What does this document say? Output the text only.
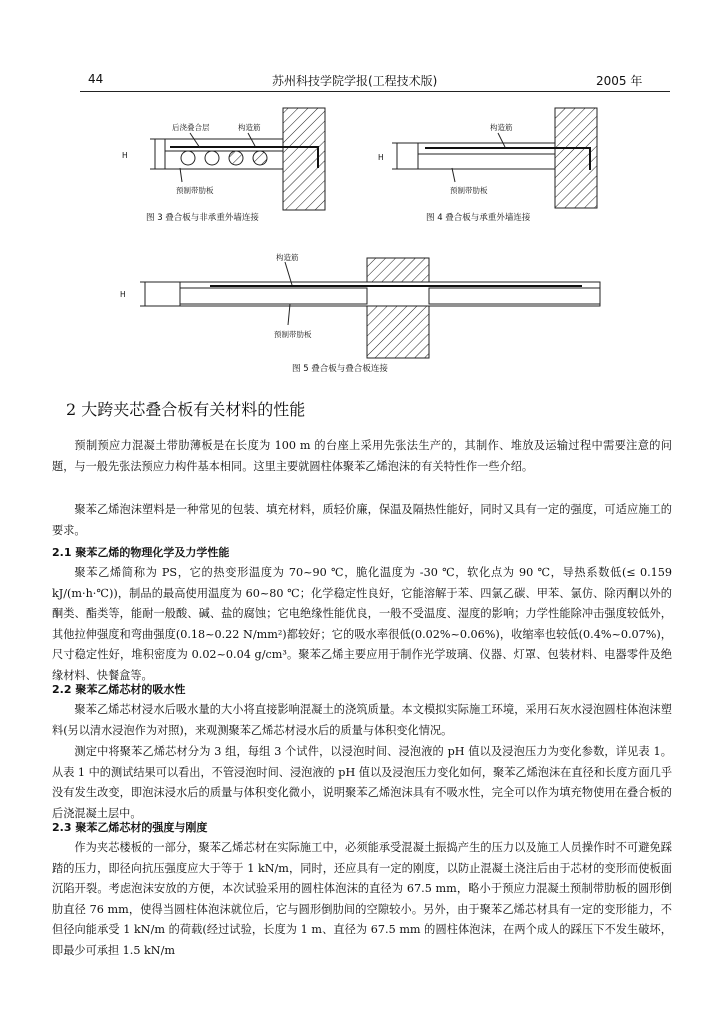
44	苏州科技学院学报(工程技术版)	2005 年
H
后浇叠合层	构造筋
预制带肋板
H
构造筋
预制带肋板
H
构造筋
预制带肋板
图 3 叠合板与非承重外墙连接	图 4 叠合板与承重外墙连接
图 5 叠合板与叠合板连接
2 大跨夹芯叠合板有关材料的性能
预制预应力混凝土带肋薄板是在长度为 100 m 的台座上采用先张法生产的，其制作、堆放及运输过程中需要注意的问题，与一般先张法预应力构件基本相同。这里主要就圆柱体聚苯乙烯泡沫的有关特性作一些介绍。
聚苯乙烯泡沫塑料是一种常见的包装、填充材料，质轻价廉，保温及隔热性能好，同时又具有一定的强度，可适应施工的要求。
2.1 聚苯乙烯的物理化学及力学性能
聚苯乙烯简称为 PS，它的热变形温度为 70~90 ℃，脆化温度为 -30 ℃，软化点为 90 ℃，导热系数低(≤ 0.159 kJ/(m·h·℃))，制品的最高使用温度为 60~80 ℃；化学稳定性良好，它能溶解于苯、四氯乙碳、甲苯、氯仿、除丙酮以外的酮类、酯类等，能耐一般酸、碱、盐的腐蚀；它电绝缘性能优良，一般不受温度、湿度的影响；力学性能除冲击强度较低外，其他拉伸强度和弯曲强度(0.18~0.22 N/mm²)都较好；它的吸水率很低(0.02%~0.06%)，收缩率也较低(0.4%~0.07%)，尺寸稳定性好，堆积密度为 0.02~0.04 g/cm³。聚苯乙烯主要应用于制作光学玻璃、仪器、灯罩、包装材料、电器零件及绝缘材料、快餐盒等。
2.2 聚苯乙烯芯材的吸水性
聚苯乙烯芯材浸水后吸水量的大小将直接影响混凝土的浇筑质量。本文模拟实际施工环境，采用石灰水浸泡圆柱体泡沫塑料(另以清水浸泡作为对照)，来观测聚苯乙烯芯材浸水后的质量与体积变化情况。
测定中将聚苯乙烯芯材分为 3 组，每组 3 个试件，以浸泡时间、浸泡液的 pH 值以及浸泡压力为变化参数，详见表 1。从表 1 中的测试结果可以看出，不管浸泡时间、浸泡液的 pH 值以及浸泡压力变化如何，聚苯乙烯泡沫在直径和长度方面几乎没有发生改变，即泡沫浸水后的质量与体积变化微小，说明聚苯乙烯泡沫具有不吸水性，完全可以作为填充物使用在叠合板的后浇混凝土层中。
2.3 聚苯乙烯芯材的强度与刚度
作为夹芯楼板的一部分，聚苯乙烯芯材在实际施工中，必须能承受混凝土振捣产生的压力以及施工人员操作时不可避免踩踏的压力，即径向抗压强度应大于等于 1 kN/m，同时，还应具有一定的刚度，以防止混凝土浇注后由于芯材的变形而使板面沉陷开裂。考虑泡沫安放的方便，本次试验采用的圆柱体泡沫的直径为 67.5 mm，略小于预应力混凝土预制带肋板的圆形倒肋直径 76 mm，使得当圆柱体泡沫就位后，它与圆形倒肋间的空隙较小。另外，由于聚苯乙烯芯材具有一定的变形能力，不但径向能承受 1 kN/m 的荷载(经过试验，长度为 1 m、直径为 67.5 mm 的圆柱体泡沫，在两个成人的踩压下不发生破坏，即最少可承担 1.5 kN/m
